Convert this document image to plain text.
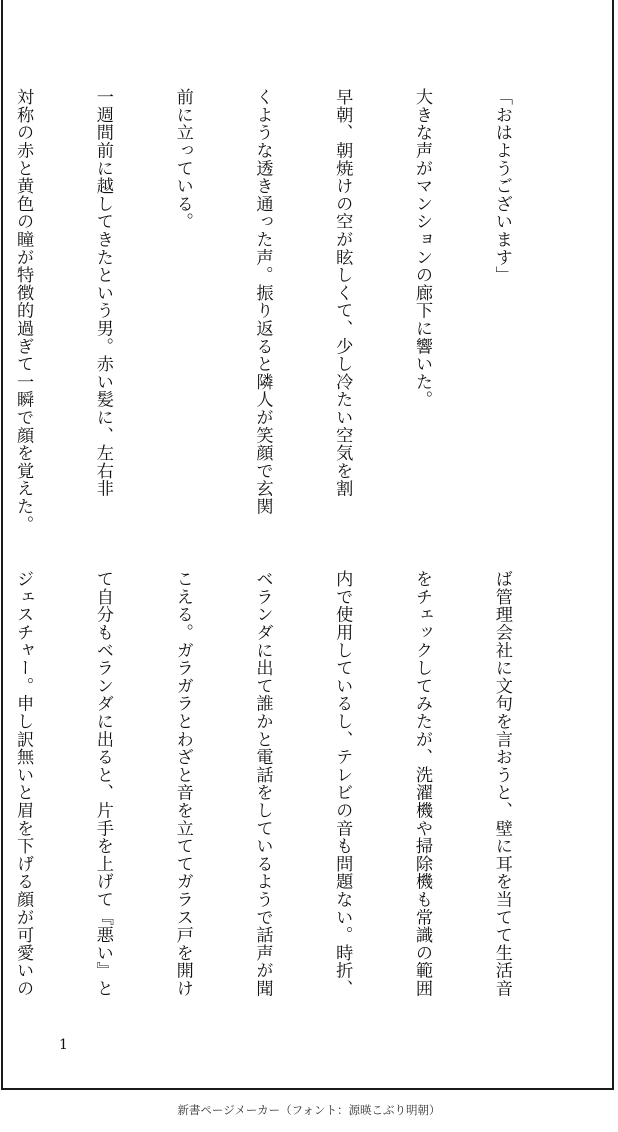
「おはようございます」

大きな声がマンションの廊下に響いた。

早朝、朝焼けの空が眩しくて、少し冷たい空気を割

くような透き通った声。振り返ると隣人が笑顔で玄関

前に立っている。

一週間前に越してきたという男。赤い髪に、左右非

対称の赤と黄色の瞳が特徴的過ぎて一瞬で顔を覚えた。

ば管理会社に文句を言おうと、壁に耳を当てて生活音

をチェックしてみたが、洗濯機や掃除機も常識の範囲

内で使用しているし、テレビの音も問題ない。時折、

ベランダに出て誰かと電話をしているようで話声が聞

こえる。ガラガラとわざと音を立ててガラス戸を開け

て自分もベランダに出ると、片手を上げて『悪い』と

ジェスチャー。申し訳無いと眉を下げる顔が可愛いの

1
新書ページメーカー（フォント：源暎こぶり明朝）
